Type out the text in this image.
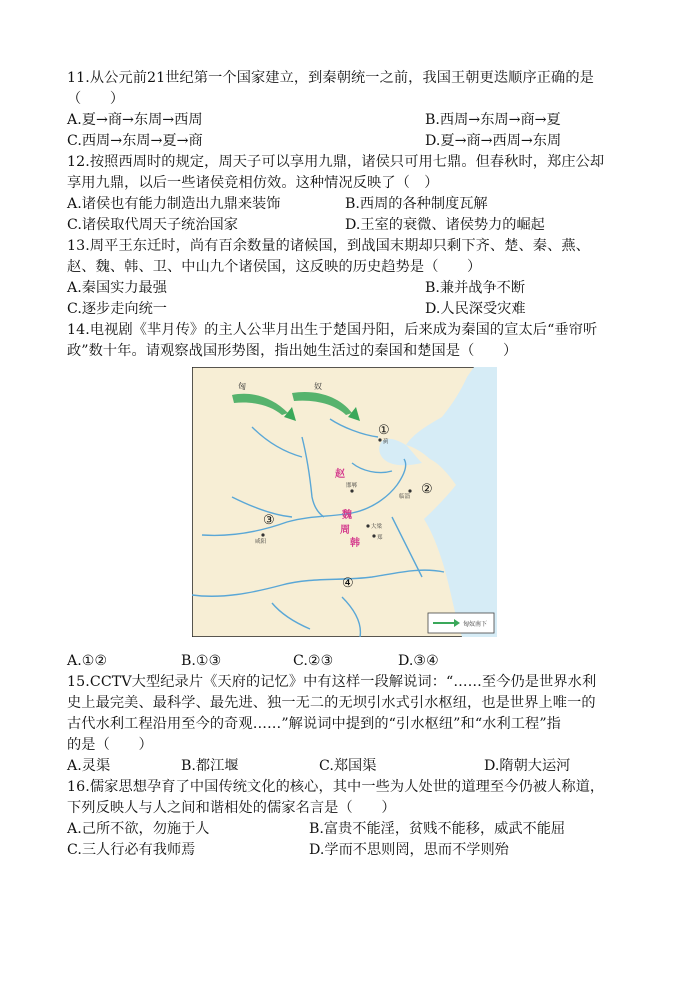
11.从公元前21世纪第一个国家建立，到秦朝统一之前，我国王朝更迭顺序正确的是
（　　）
A.夏→商→东周→西周	B.西周→东周→商→夏
C.西周→东周→夏→商	D.夏→商→西周→东周
12.按照西周时的规定，周天子可以享用九鼎，诸侯只可用七鼎。但春秋时，郑庄公却
享用九鼎，以后一些诸侯竞相仿效。这种情况反映了（　）
A.诸侯也有能力制造出九鼎来装饰	B.西周的各种制度瓦解
C.诸侯取代周天子统治国家	D.王室的衰微、诸侯势力的崛起
13.周平王东迁时，尚有百余数量的诸候国，到战国末期却只剩下齐、楚、秦、燕、
赵、魏、韩、卫、中山九个诸侯国，这反映的历史趋势是（　　）
A.秦国实力最强	B.兼并战争不断
C.逐步走向统一	D.人民深受灾难
14.电视剧《芈月传》的主人公芈月出生于楚国丹阳，后来成为秦国的宣太后“垂帘听
政”数十年。请观察战国形势图，指出她生活过的秦国和楚国是（　　）
匈	奴
①
②
③
④
赵
魏
周
韩
蓟
邯郸
临淄
大梁
郑
咸阳
匈奴南下
A.①②	B.①③	C.②③	D.③④
15.CCTV大型纪录片《天府的记忆》中有这样一段解说词：“……至今仍是世界水利
史上最完美、最科学、最先进、独一无二的无坝引水式引水枢纽，也是世界上唯一的
古代水利工程沿用至今的奇观……”解说词中提到的“引水枢纽”和“水利工程”指
的是（　　）
A.灵渠	B.都江堰	C.郑国渠	D.隋朝大运河
16.儒家思想孕育了中国传统文化的核心，其中一些为人处世的道理至今仍被人称道，
下列反映人与人之间和谐相处的儒家名言是（　　）
A.己所不欲，勿施于人	B.富贵不能淫，贫贱不能移，威武不能屈
C.三人行必有我师焉	D.学而不思则罔，思而不学则殆
